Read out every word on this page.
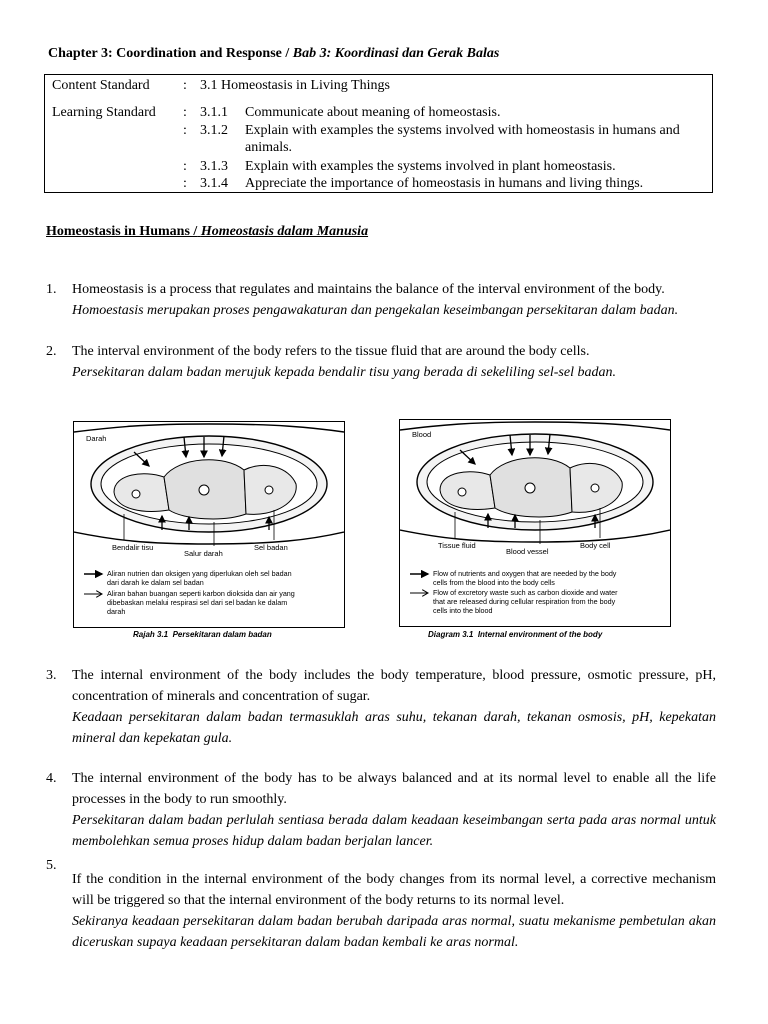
Chapter 3: Coordination and Response / Bab 3: Koordinasi dan Gerak Balas
Content Standard : 3.1 Homeostasis in Living Things
Learning Standard : 3.1.1 Communicate about meaning of homeostasis.
: 3.1.2 Explain with examples the systems involved with homeostasis in humans and
animals.
: 3.1.3 Explain with examples the systems involved in plant homeostasis.
: 3.1.4 Appreciate the importance of homeostasis in humans and living things.
Homeostasis in Humans / Homeostasis dalam Manusia
1. Homeostasis is a process that regulates and maintains the balance of the interval environment of the body.
Homoestasis merupakan proses pengawakaturan dan pengekalan keseimbangan persekitaran dalam badan.
2. The interval environment of the body refers to the tissue fluid that are around the body cells.
Persekitaran dalam badan merujuk kepada bendalir tisu yang berada di sekeliling sel-sel badan.
Darah
Bendalir tisu
Salur darah
Sel badan
Aliran nutrien dan oksigen yang diperlukan oleh sel badan
dari darah ke dalam sel badan
Aliran bahan buangan seperti karbon dioksida dan air yang
dibebaskan melalui respirasi sel dari sel badan ke dalam
darah
Rajah 3.1 Persekitaran dalam badan
Blood
Tissue fluid
Blood vessel
Body cell
Flow of nutrients and oxygen that are needed by the body
cells from the blood into the body cells
Flow of excretory waste such as carbon dioxide and water
that are released during cellular respiration from the body
cells into the blood
Diagram 3.1 Internal environment of the body
3. The internal environment of the body includes the body temperature, blood pressure, osmotic pressure, pH, concentration of minerals and concentration of sugar.
Keadaan persekitaran dalam badan termasuklah aras suhu, tekanan darah, tekanan osmosis, pH, kepekatan mineral dan kepekatan gula.
4. The internal environment of the body has to be always balanced and at its normal level to enable all the life processes in the body to run smoothly.
Persekitaran dalam badan perlulah sentiasa berada dalam keadaan keseimbangan serta pada aras normal untuk membolehkan semua proses hidup dalam badan berjalan lancer.
5.
If the condition in the internal environment of the body changes from its normal level, a corrective mechanism will be triggered so that the internal environment of the body returns to its normal level.
Sekiranya keadaan persekitaran dalam badan berubah daripada aras normal, suatu mekanisme pembetulan akan diceruskan supaya keadaan persekitaran dalam badan kembali ke aras normal.
